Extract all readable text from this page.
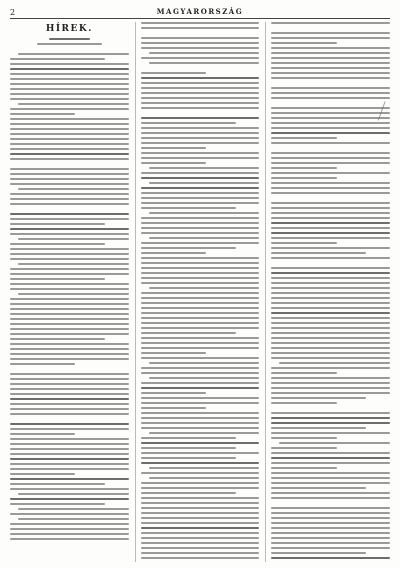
2	MAGYARORSZÁG
HÍREK.
